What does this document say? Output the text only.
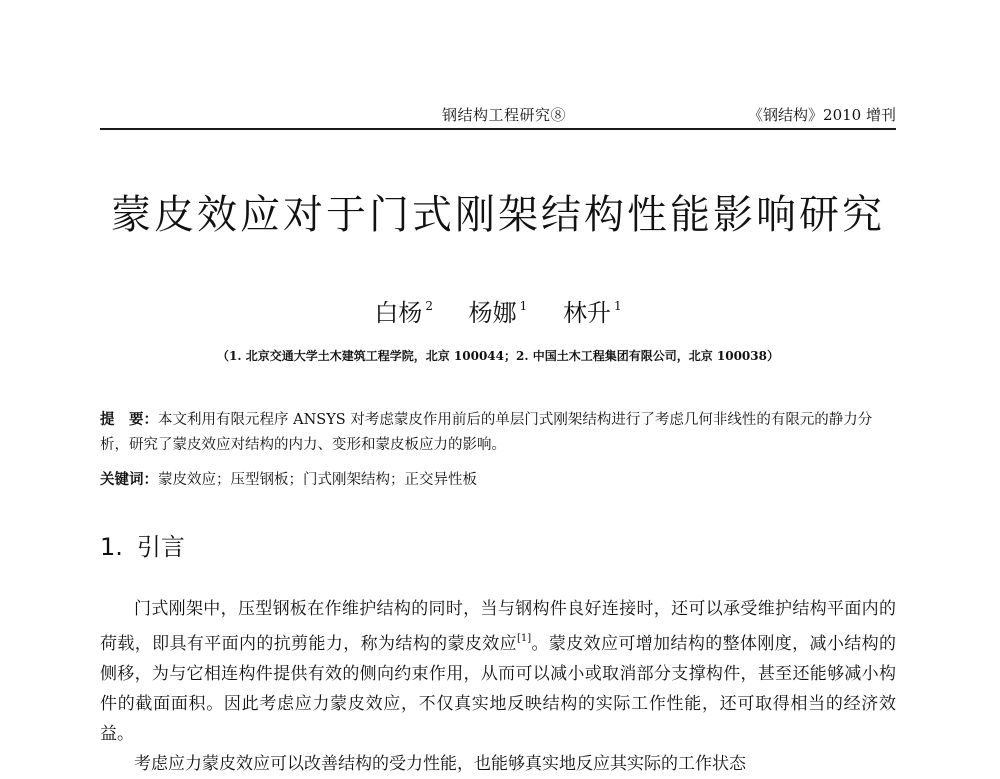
钢结构工程研究⑧	《钢结构》2010 增刊
蒙皮效应对于门式刚架结构性能影响研究
白杨 $^2$ 杨娜 $^1$ 林升 $^1$
（1. 北京交通大学土木建筑工程学院，北京 100044；2. 中国土木工程集团有限公司，北京 100038）
提　要：本文利用有限元程序 ANSYS 对考虑蒙皮作用前后的单层门式刚架结构进行了考虑几何非线性的有限元的静力分析，研究了蒙皮效应对结构的内力、变形和蒙皮板应力的影响。
关键词：蒙皮效应；压型钢板；门式刚架结构；正交异性板
1. 引言

门式刚架中，压型钢板在作维护结构的同时，当与钢构件良好连接时，还可以承受维护结构平面内的荷载，即具有平面内的抗剪能力，称为结构的蒙皮效应[1]。蒙皮效应可增加结构的整体刚度，减小结构的侧移，为与它相连构件提供有效的侧向约束作用，从而可以减小或取消部分支撑构件，甚至还能够减小构件的截面面积。因此考虑应力蒙皮效应，不仅真实地反映结构的实际工作性能，还可取得相当的经济效益。

考虑应力蒙皮效应可以改善结构的受力性能，也能够真实地反应其实际的工作状态
